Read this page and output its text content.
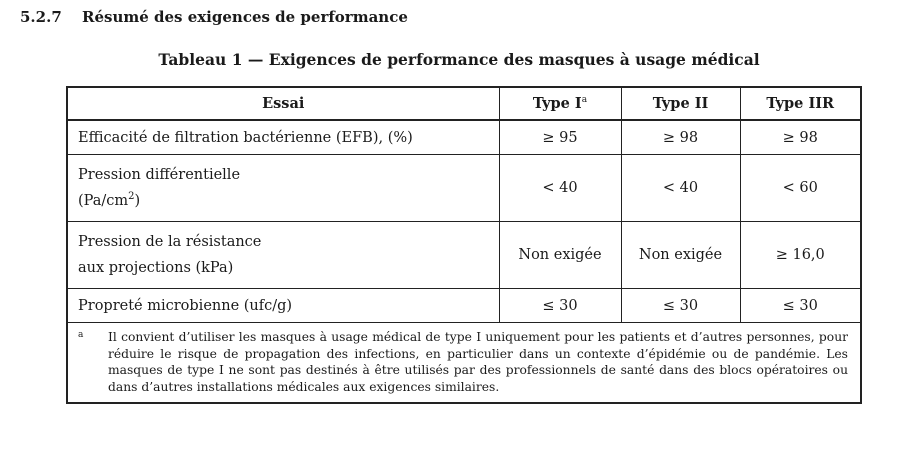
5.2.7 Résumé des exigences de performance
Tableau 1 — Exigences de performance des masques à usage médical
Essai	Type $I^a$	Type II	Type IIR
Efficacité de filtration bactérienne (EFB), (%)	≥ 95	≥ 98	≥ 98
Pression différentielle
$(Pa/cm^2)$	< 40	< 40	< 60
Pression de la résistance
aux projections (kPa)	Non exigée	Non exigée	≥ 16,0
Propreté microbienne (ufc/g)	≤ 30	≤ 30	≤ 30

a Il convient d’utiliser les masques à usage médical de type I uniquement pour les patients et d’autres personnes, pour réduire le risque de propagation des infections, en particulier dans un contexte d’épidémie ou de pandémie. Les masques de type I ne sont pas destinés à être utilisés par des professionnels de santé dans des blocs opératoires ou dans d’autres installations médicales aux exigences similaires.			
